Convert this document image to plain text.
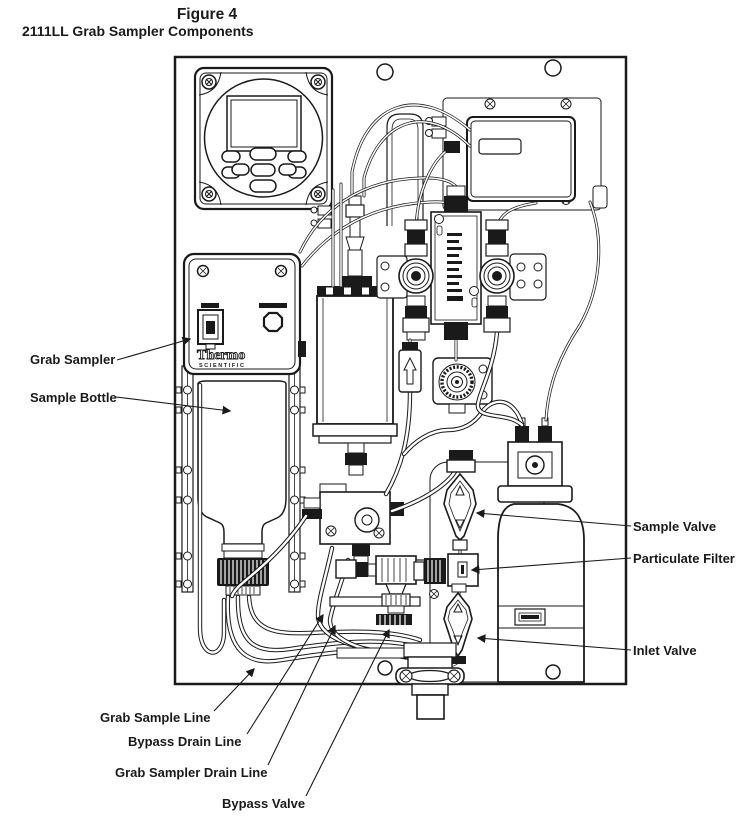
Figure 4
2111LL Grab Sampler Components
Thermo
SCIENTIFIC
Grab Sampler
Sample Bottle
Sample Valve
Particulate Filter
Inlet Valve
Grab Sample Line
Bypass Drain Line
Grab Sampler Drain Line
Bypass Valve
